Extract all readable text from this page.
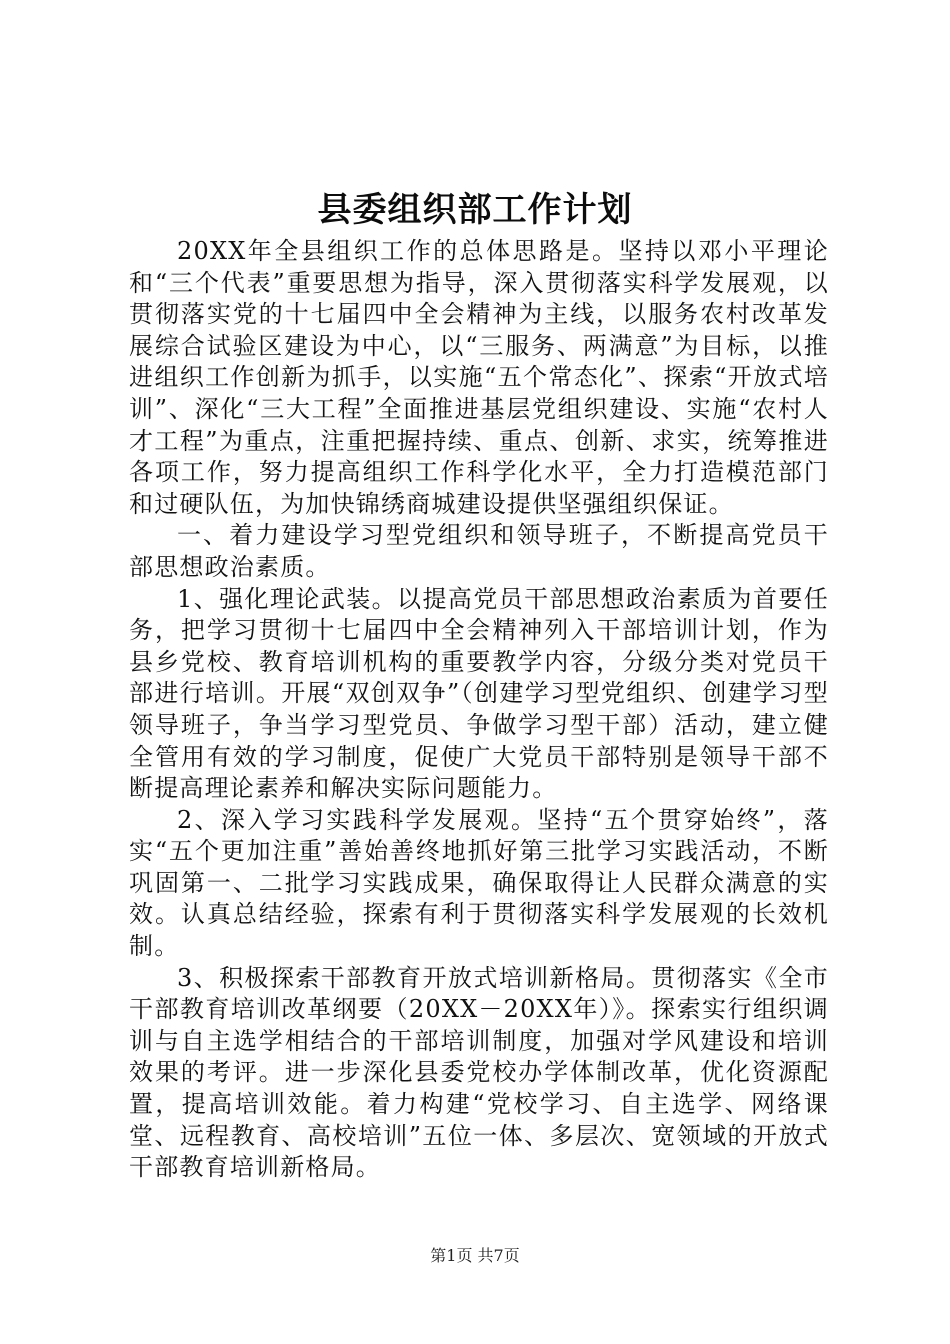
县委组织部工作计划

20XX年全县组织工作的总体思路是。坚持以邓小平理论和“三个代表”重要思想为指导，深入贯彻落实科学发展观，以贯彻落实党的十七届四中全会精神为主线，以服务农村改革发展综合试验区建设为中心，以“三服务、两满意”为目标，以推进组织工作创新为抓手，以实施“五个常态化”、探索“开放式培训”、深化“三大工程”全面推进基层党组织建设、实施“农村人才工程”为重点，注重把握持续、重点、创新、求实，统筹推进各项工作，努力提高组织工作科学化水平，全力打造模范部门和过硬队伍，为加快锦绣商城建设提供坚强组织保证。

一、着力建设学习型党组织和领导班子，不断提高党员干部思想政治素质。

1、强化理论武装。以提高党员干部思想政治素质为首要任务，把学习贯彻十七届四中全会精神列入干部培训计划，作为县乡党校、教育培训机构的重要教学内容，分级分类对党员干部进行培训。开展“双创双争”（创建学习型党组织、创建学习型领导班子，争当学习型党员、争做学习型干部）活动，建立健全管用有效的学习制度，促使广大党员干部特别是领导干部不断提高理论素养和解决实际问题能力。

2、深入学习实践科学发展观。坚持“五个贯穿始终”，落实“五个更加注重”善始善终地抓好第三批学习实践活动，不断巩固第一、二批学习实践成果，确保取得让人民群众满意的实效。认真总结经验，探索有利于贯彻落实科学发展观的长效机制。

3、积极探索干部教育开放式培训新格局。贯彻落实《全市干部教育培训改革纲要（20XX－20XX年）》。探索实行组织调训与自主选学相结合的干部培训制度，加强对学风建设和培训效果的考评。进一步深化县委党校办学体制改革，优化资源配置，提高培训效能。着力构建“党校学习、自主选学、网络课堂、远程教育、高校培训”五位一体、多层次、宽领域的开放式干部教育培训新格局。

第1页 共7页
